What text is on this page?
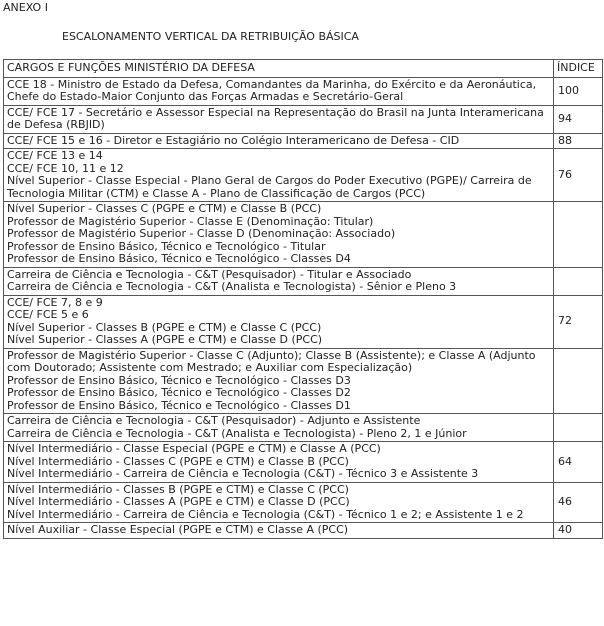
ANEXO I
ESCALONAMENTO VERTICAL DA RETRIBUIÇÃO BÁSICA
CARGOS E FUNÇÕES MINISTÉRIO DA DEFESA	ÍNDICE

CCE 18 - Ministro de Estado da Defesa, Comandantes da Marinha, do Exército e da Aeronáutica, Chefe do Estado-Maior Conjunto das Forças Armadas e Secretário-Geral	100

CCE/ FCE 17 - Secretário e Assessor Especial na Representação do Brasil na Junta Interamericana de Defesa (RBJID)	94

CCE/ FCE 15 e 16 - Diretor e Estagiário no Colégio Interamericano de Defesa - CID	88

CCE/ FCE 13 e 14
CCE/ FCE 10, 11 e 12
Nível Superior - Classe Especial - Plano Geral de Cargos do Poder Executivo (PGPE)/ Carreira de Tecnologia Militar (CTM) e Classe A - Plano de Classificação de Cargos (PCC)	76

Nível Superior - Classes C (PGPE e CTM) e Classe B (PCC)
Professor de Magistério Superior - Classe E (Denominação: Titular)
Professor de Magistério Superior - Classe D (Denominação: Associado)
Professor de Ensino Básico, Técnico e Tecnológico - Titular
Professor de Ensino Básico, Técnico e Tecnológico - Classes D4	

Carreira de Ciência e Tecnologia - C&T (Pesquisador) - Titular e Associado
Carreira de Ciência e Tecnologia - C&T (Analista e Tecnologista) - Sênior e Pleno 3	

CCE/ FCE 7, 8 e 9
CCE/ FCE 5 e 6
Nível Superior - Classes B (PGPE e CTM) e Classe C (PCC)
Nível Superior - Classes A (PGPE e CTM) e Classe D (PCC)	72

Professor de Magistério Superior - Classe C (Adjunto); Classe B (Assistente); e Classe A (Adjunto com Doutorado; Assistente com Mestrado; e Auxiliar com Especialização)
Professor de Ensino Básico, Técnico e Tecnológico - Classes D3
Professor de Ensino Básico, Técnico e Tecnológico - Classes D2
Professor de Ensino Básico, Técnico e Tecnológico - Classes D1	

Carreira de Ciência e Tecnologia - C&T (Pesquisador) - Adjunto e Assistente
Carreira de Ciência e Tecnologia - C&T (Analista e Tecnologista) - Pleno 2, 1 e Júnior	

Nível Intermediário - Classe Especial (PGPE e CTM) e Classe A (PCC)
Nível Intermediário - Classes C (PGPE e CTM) e Classe B (PCC)
Nível Intermediário - Carreira de Ciência e Tecnologia (C&T) - Técnico 3 e Assistente 3	64

Nível Intermediário - Classes B (PGPE e CTM) e Classe C (PCC)
Nível Intermediário - Classes A (PGPE e CTM) e Classe D (PCC)
Nível Intermediário - Carreira de Ciência e Tecnologia (C&T) - Técnico 1 e 2; e Assistente 1 e 2	46

Nível Auxiliar - Classe Especial (PGPE e CTM) e Classe A (PCC)	40
